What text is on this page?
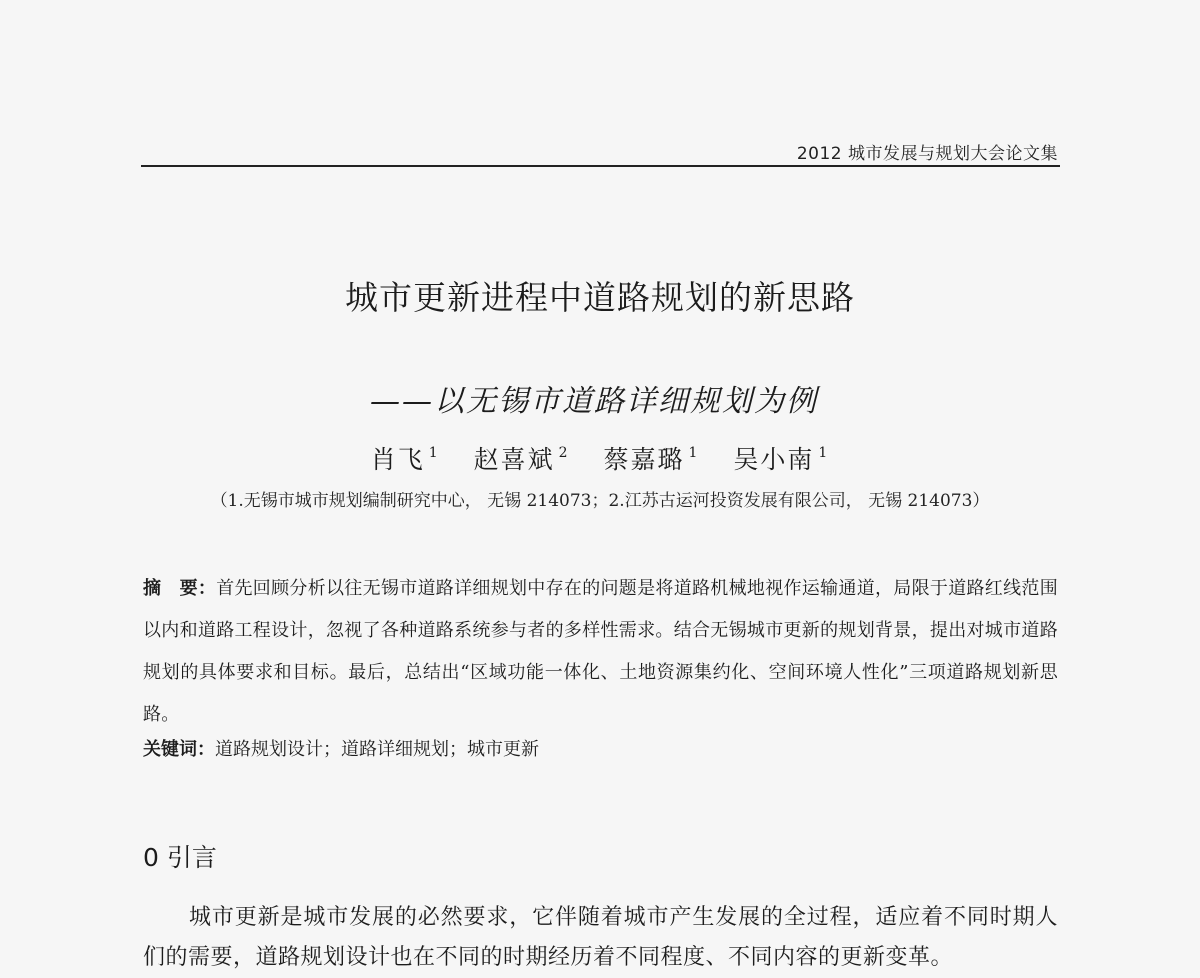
2012 城市发展与规划大会论文集
城市更新进程中道路规划的新思路
——以无锡市道路详细规划为例
肖飞 $^1$ 赵喜斌 $^2$ 蔡嘉璐 $^1$ 吴小南 $^1$
（1.无锡市城市规划编制研究中心， 无锡 214073；2.江苏古运河投资发展有限公司， 无锡 214073）
摘　要：首先回顾分析以往无锡市道路详细规划中存在的问题是将道路机械地视作运输通道，局限于道路红线范围以内和道路工程设计，忽视了各种道路系统参与者的多样性需求。结合无锡城市更新的规划背景，提出对城市道路规划的具体要求和目标。最后，总结出“区域功能一体化、土地资源集约化、空间环境人性化”三项道路规划新思路。
关键词：道路规划设计；道路详细规划；城市更新
0 引言
城市更新是城市发展的必然要求，它伴随着城市产生发展的全过程，适应着不同时期人们的需要，道路规划设计也在不同的时期经历着不同程度、不同内容的更新变革。
